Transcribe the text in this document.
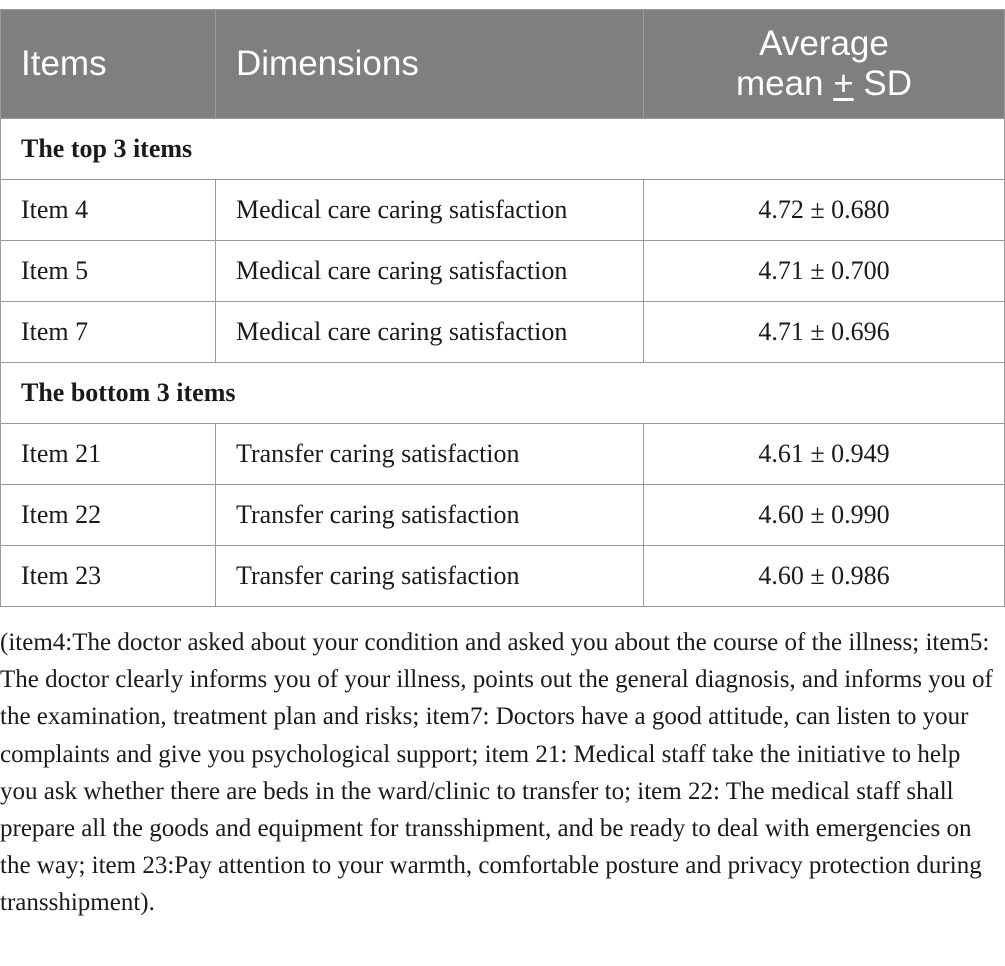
Items	Dimensions	Average
mean + SD
The top 3 items		
Item 4	Medical care caring satisfaction	4.72 ± 0.680
Item 5	Medical care caring satisfaction	4.71 ± 0.700
Item 7	Medical care caring satisfaction	4.71 ± 0.696
The bottom 3 items		
Item 21	Transfer caring satisfaction	4.61 ± 0.949
Item 22	Transfer caring satisfaction	4.60 ± 0.990
Item 23	Transfer caring satisfaction	4.60 ± 0.986

(item4:The doctor asked about your condition and asked you about the course of the illness; item5: The doctor clearly informs you of your illness, points out the general diagnosis, and informs you of the examination, treatment plan and risks; item7: Doctors have a good attitude, can listen to your complaints and give you psychological support; item 21: Medical staff take the initiative to help you ask whether there are beds in the ward/clinic to transfer to; item 22: The medical staff shall prepare all the goods and equipment for transshipment, and be ready to deal with emergencies on the way; item 23:Pay attention to your warmth, comfortable posture and privacy protection during transshipment).
